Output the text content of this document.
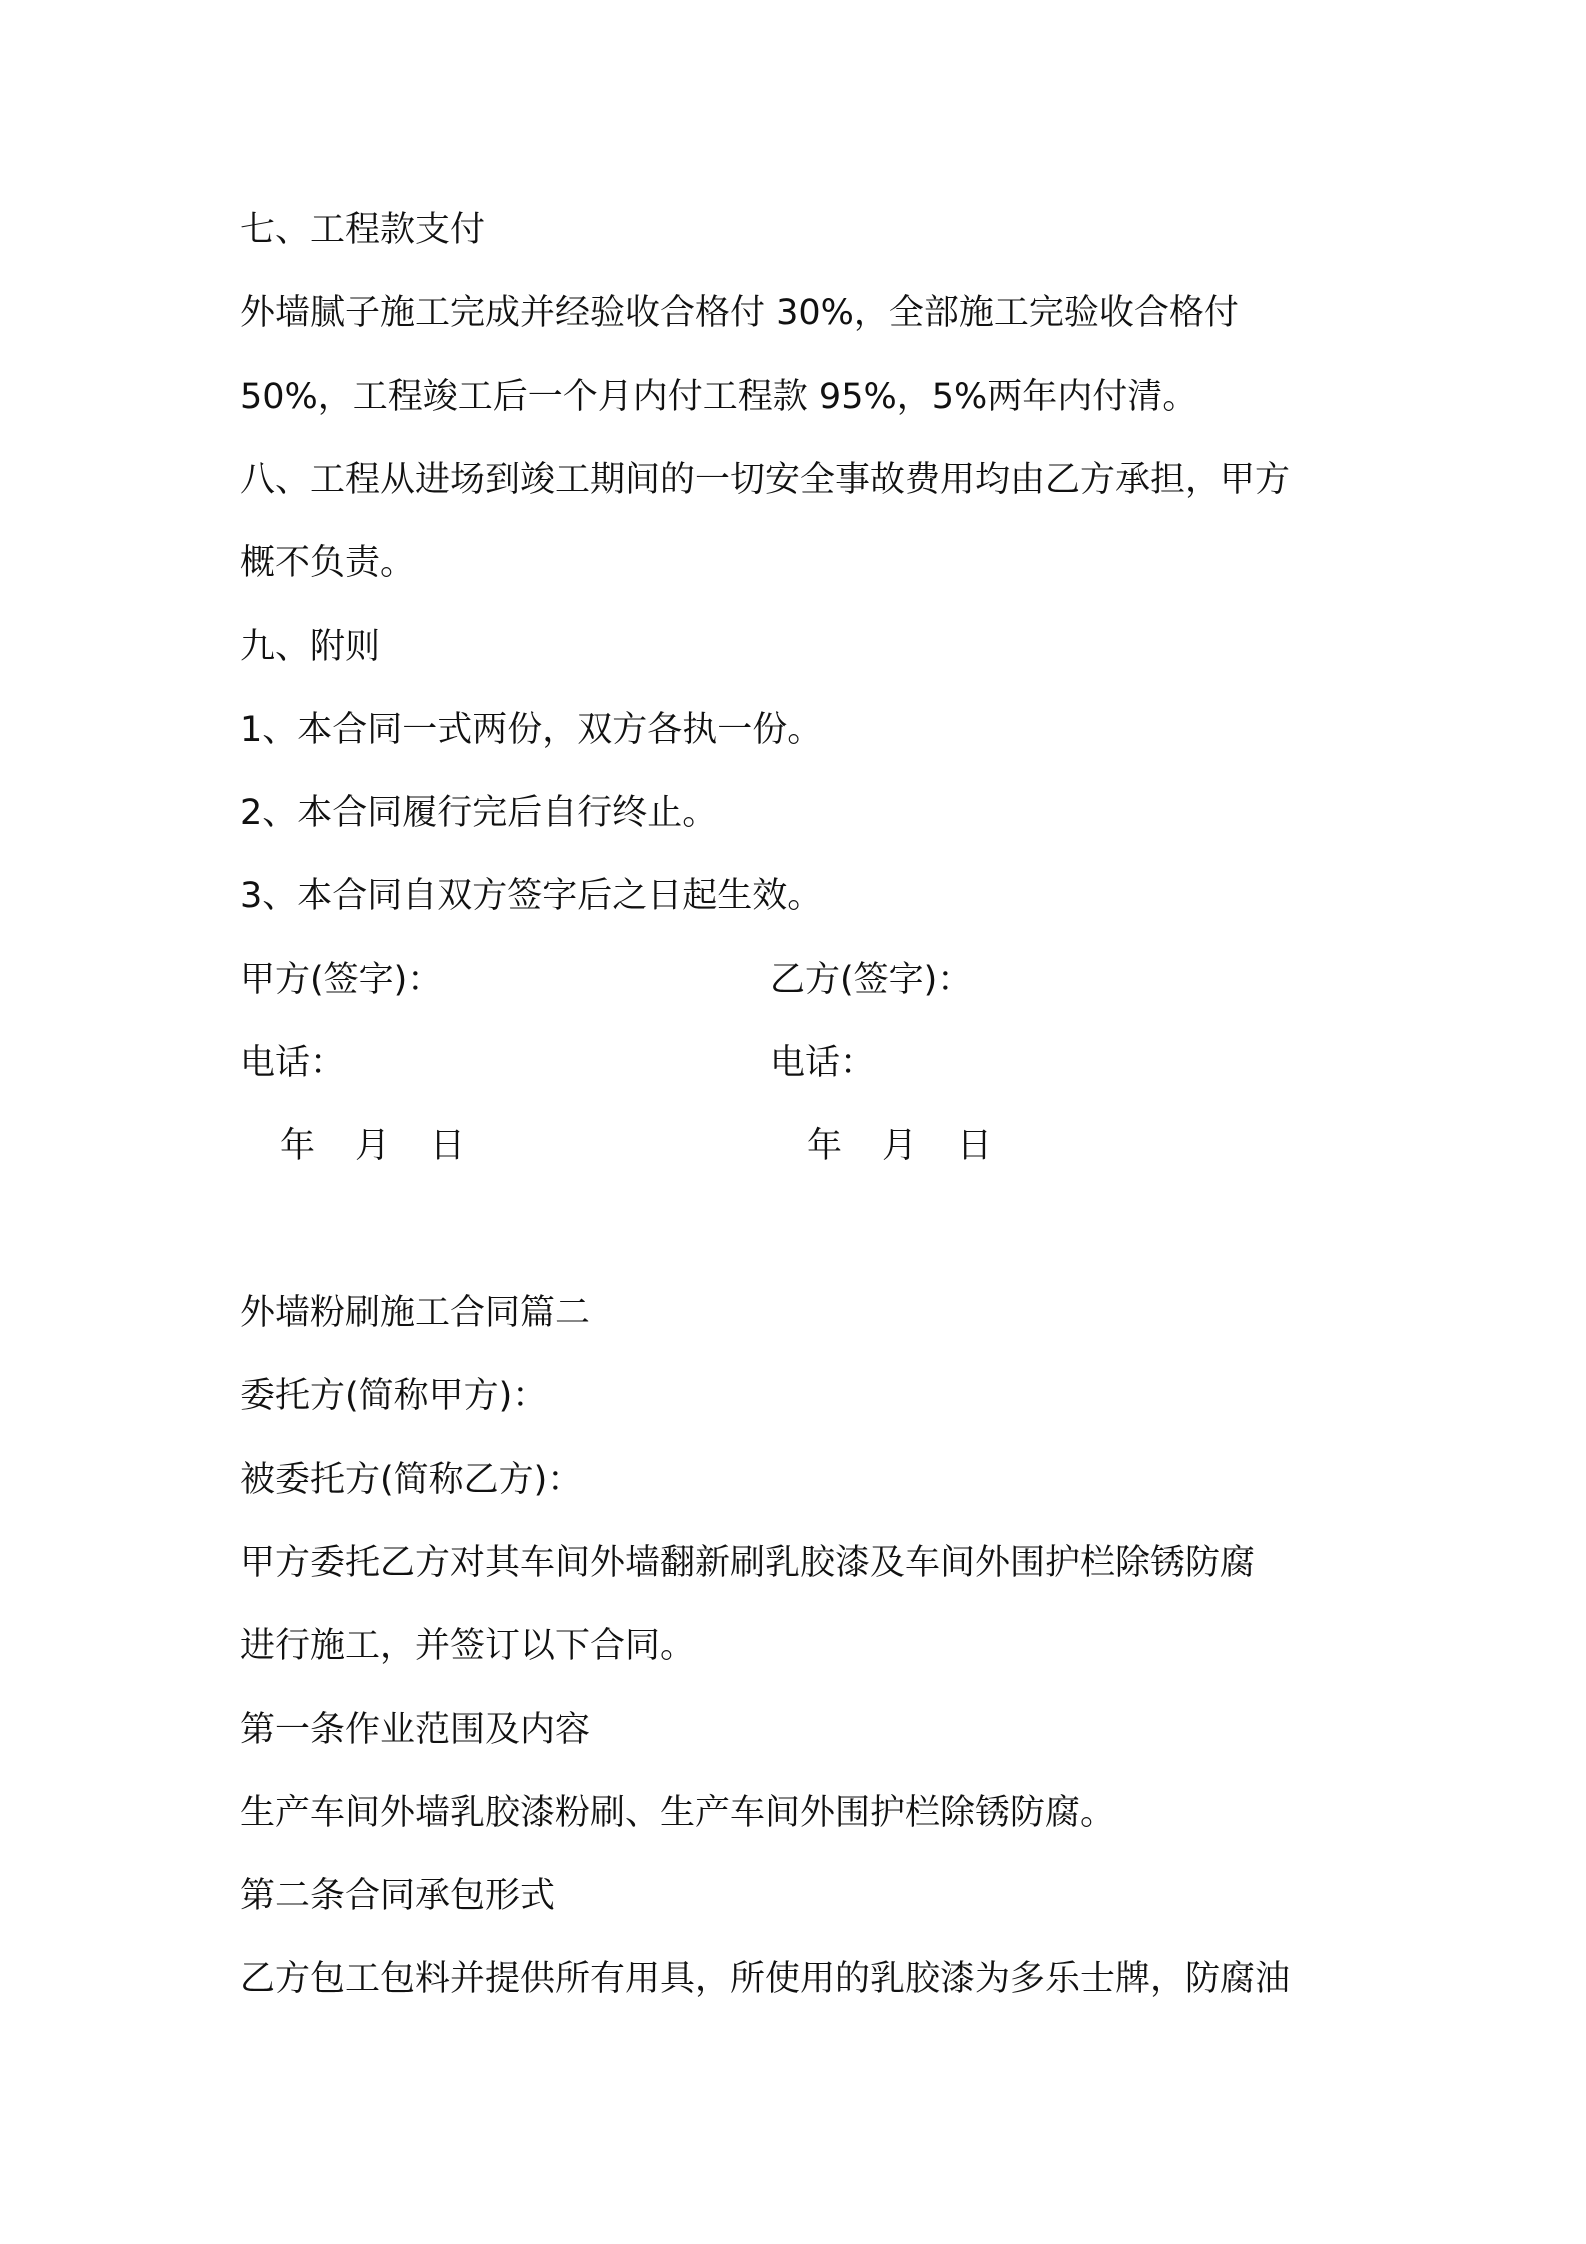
七、工程款支付

外墙腻子施工完成并经验收合格付 30%，全部施工完验收合格付

50%，工程竣工后一个月内付工程款 95%，5%两年内付清。

八、工程从进场到竣工期间的一切安全事故费用均由乙方承担，甲方

概不负责。

九、附则

1、本合同一式两份，双方各执一份。

2、本合同履行完后自行终止。

3、本合同自双方签字后之日起生效。

甲方(签字)：	乙方(签字)：

电话：	电话：

年 月 日	年 月 日

外墙粉刷施工合同篇二

委托方(简称甲方)：

被委托方(简称乙方)：

甲方委托乙方对其车间外墙翻新刷乳胶漆及车间外围护栏除锈防腐

进行施工，并签订以下合同。

第一条作业范围及内容

生产车间外墙乳胶漆粉刷、生产车间外围护栏除锈防腐。

第二条合同承包形式

乙方包工包料并提供所有用具，所使用的乳胶漆为多乐士牌，防腐油
